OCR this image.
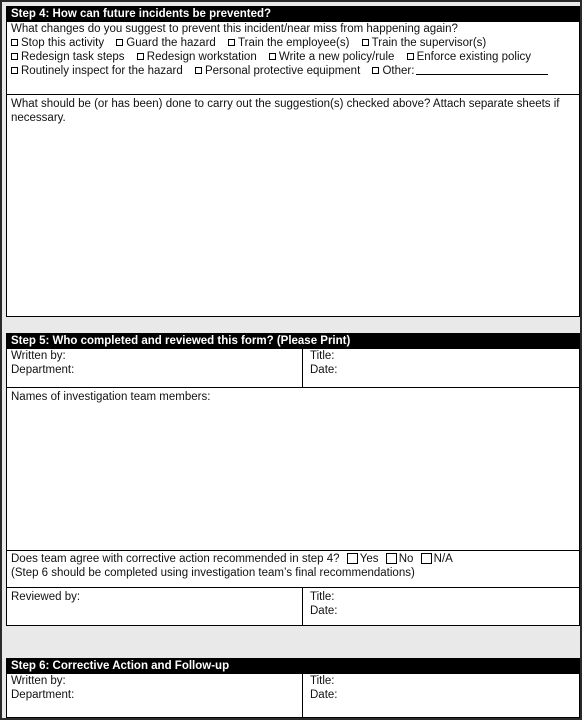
Step 4: How can future incidents be prevented?
What changes do you suggest to prevent this incident/near miss from happening again?
Stop this activity Guard the hazard Train the employee(s) Train the supervisor(s)
Redesign task steps Redesign workstation Write a new policy/rule Enforce existing policy
Routinely inspect for the hazard Personal protective equipment Other:
What should be (or has been) done to carry out the suggestion(s) checked above? Attach separate sheets if necessary.
Step 5: Who completed and reviewed this form? (Please Print)
Written by:
Department:
Title:
Date:
Names of investigation team members:
Does team agree with corrective action recommended in step 4? Yes No N/A
(Step 6 should be completed using investigation team’s final recommendations)
Reviewed by:	Title:
Date:
Step 6: Corrective Action and Follow-up
Written by:
Department:
Title:
Date:
